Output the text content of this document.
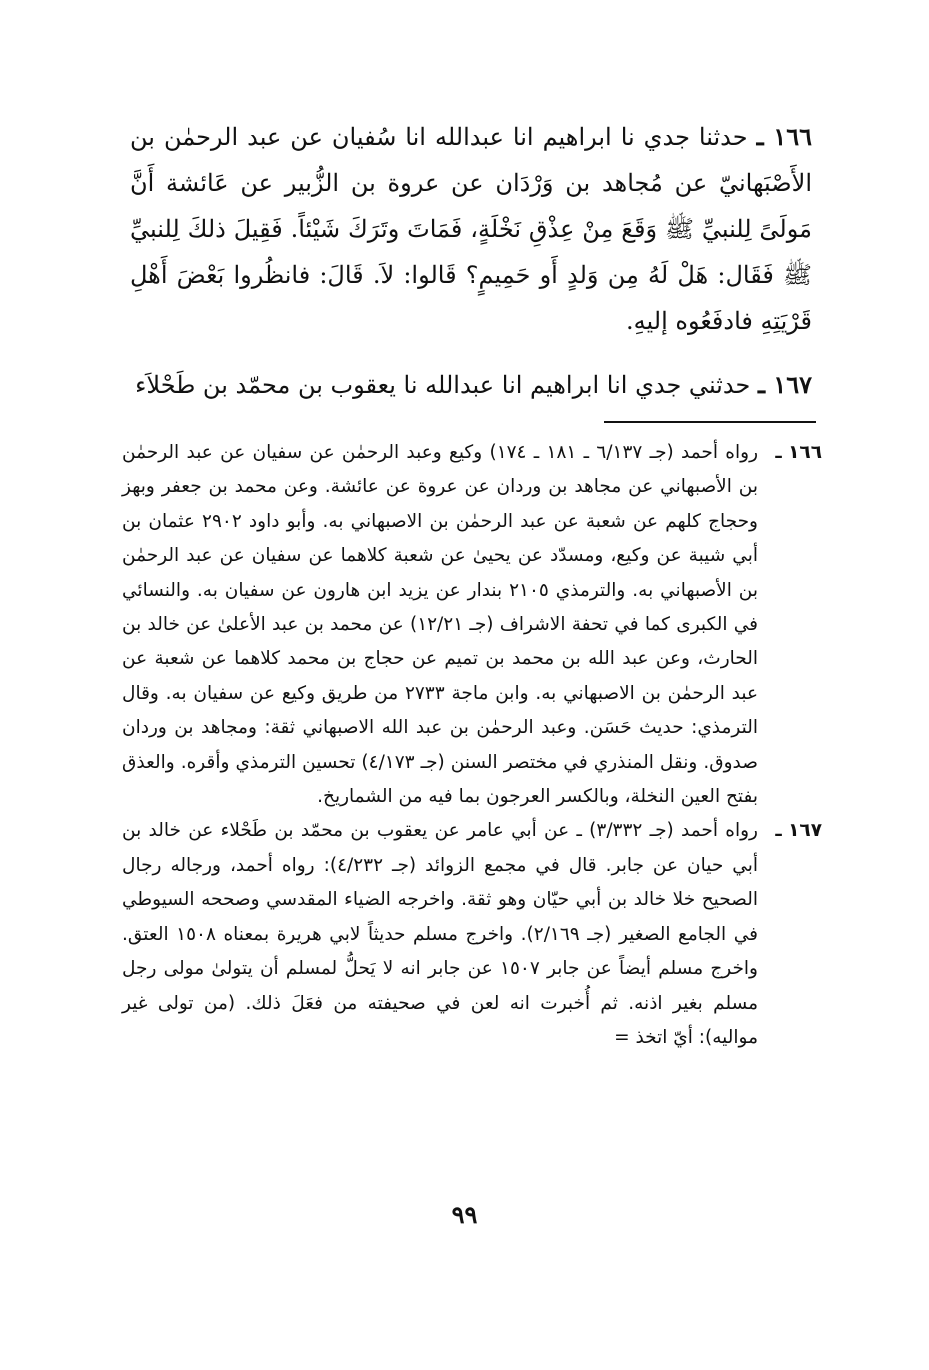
١٦٦ ـ حدثنا جدي نا ابراهيم انا عبدالله انا سُفيان عن عبد الرحمٰن بن الأَصْبَهانيّ عن مُجاهد بن وَرْدَان عن عروة بن الزُّبير عن عَائشة أَنَّ مَولَىً لِلنبيِّ ﷺ وَقَعَ مِنْ عِذْقِ نَخْلَةٍ، فَمَاتَ وتَرَكَ شَيْئاً. فَقِيلَ ذلكَ لِلنبيِّ ﷺ فَقَال: هَلْ لَهُ مِن وَلدٍ أَو حَمِيمٍ؟ قَالوا: لاَ. قَالَ: فانظُروا بَعْضَ أَهْلِ قَرْيَتِهِ فادفَعُوه إليهِ.

١٦٧ ـ حدثني جدي انا ابراهيم انا عبدالله نا يعقوب بن محمّد بن طَحْلاَء

١٦٦ ـ
رواه أحمد (جـ ٦/١٣٧ ـ ١٨١ ـ ١٧٤) وكيع وعبد الرحمٰن عن سفيان عن عبد الرحمٰن بن الأصبهاني عن مجاهد بن وردان عن عروة عن عائشة. وعن محمد بن جعفر وبهز وحجاج كلهم عن شعبة عن عبد الرحمٰن بن الاصبهاني به. وأبو داود ٢٩٠٢ عثمان بن أبي شيبة عن وكيع، ومسدّد عن يحيىٰ عن شعبة كلاهما عن سفيان عن عبد الرحمٰن بن الأصبهاني به. والترمذي ٢١٠٥ بندار عن يزيد ابن هارون عن سفيان به. والنسائي في الكبرى كما في تحفة الاشراف (جـ ١٢/٢١) عن محمد بن عبد الأعلىٰ عن خالد بن الحارث، وعن عبد الله بن محمد بن تميم عن حجاج بن محمد كلاهما عن شعبة عن عبد الرحمٰن بن الاصبهاني به. وابن ماجة ٢٧٣٣ من طريق وكيع عن سفيان به. وقال الترمذي: حديث حَسَن. وعبد الرحمٰن بن عبد الله الاصبهاني ثقة: ومجاهد بن وردان صدوق. ونقل المنذري في مختصر السنن (جـ ٤/١٧٣) تحسين الترمذي وأقره. والعذق بفتح العين النخلة، وبالكسر العرجون بما فيه من الشماريخ.
١٦٧ ـ
رواه أحمد (جـ ٣/٣٣٢) ـ عن أبي عامر عن يعقوب بن محمّد بن طَحْلاء عن خالد بن أبي حيان عن جابر. قال في مجمع الزوائد (جـ ٤/٢٣٢): رواه أحمد، ورجاله رجال الصحيح خلا خالد بن أبي حيّان وهو ثقة. واخرجه الضياء المقدسي وصححه السيوطي في الجامع الصغير (جـ ٢/١٦٩). واخرج مسلم حديثاً لابي هريرة بمعناه ١٥٠٨ العتق. واخرج مسلم أيضاً عن جابر ١٥٠٧ عن جابر انه لا يَحلُّ لمسلم أن يتولىٰ مولى رجل مسلم بغير اذنه. ثم أُخبرت انه لعن في صحيفته من فعَلَ ذلك. (من تولى غير مواليه): أيّ اتخذ =
٩٩
